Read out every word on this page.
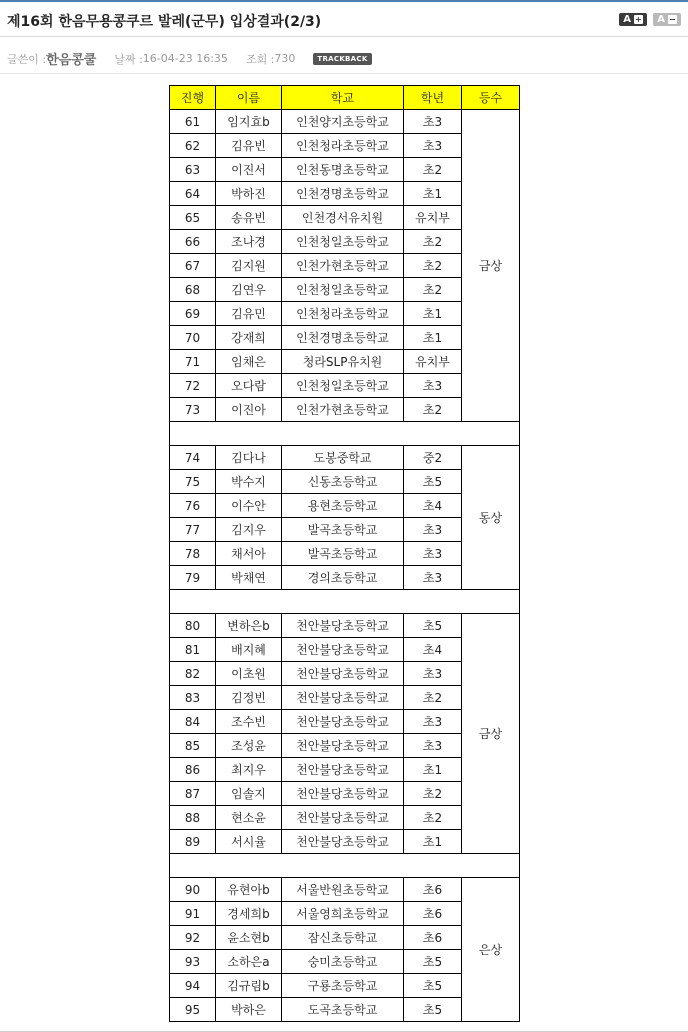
제16회 한음무용콩쿠르 발레(군무) 입상결과(2/3)	A + A −
글쓴이 : 한음콩쿨 날짜 : 16-04-23 16:35 조회 : 730	TRACKBACK
진행	이름	학교	학년	등수
61	임지효b	인천양지초등학교	초3	금상
62	김유빈	인천청라초등학교	초3	
63	이진서	인천동명초등학교	초2	
64	박하진	인천경명초등학교	초1	
65	송유빈	인천경서유치원	유치부	
66	조나경	인천청일초등학교	초2	
67	김지원	인천가현초등학교	초2	
68	김연우	인천청일초등학교	초2	
69	김유민	인천청라초등학교	초1	
70	강재희	인천경명초등학교	초1	
71	임채은	청라SLP유치원	유치부	
72	오다람	인천청일초등학교	초3	
73	이진아	인천가현초등학교	초2	

74	김다나	도봉중학교	중2	동상
75	박수지	신동초등학교	초5	
76	이수안	용현초등학교	초4	
77	김지우	발곡초등학교	초3	
78	채서아	발곡초등학교	초3	
79	박채연	경의초등학교	초3	

80	변하은b	천안불당초등학교	초5	금상
81	배지혜	천안불당초등학교	초4	
82	이초원	천안불당초등학교	초3	
83	김정빈	천안불당초등학교	초2	
84	조수빈	천안불당초등학교	초3	
85	조성윤	천안불당초등학교	초3	
86	최지우	천안불당초등학교	초1	
87	임솔지	천안불당초등학교	초2	
88	현소윤	천안불당초등학교	초2	
89	서시율	천안불당초등학교	초1	

90	유현아b	서울반원초등학교	초6	은상
91	경세희b	서울영희초등학교	초6	
92	윤소현b	잠신초등학교	초6	
93	소하은a	숭미초등학교	초5	
94	김규림b	구룡초등학교	초5	
95	박하은	도곡초등학교	초5	
